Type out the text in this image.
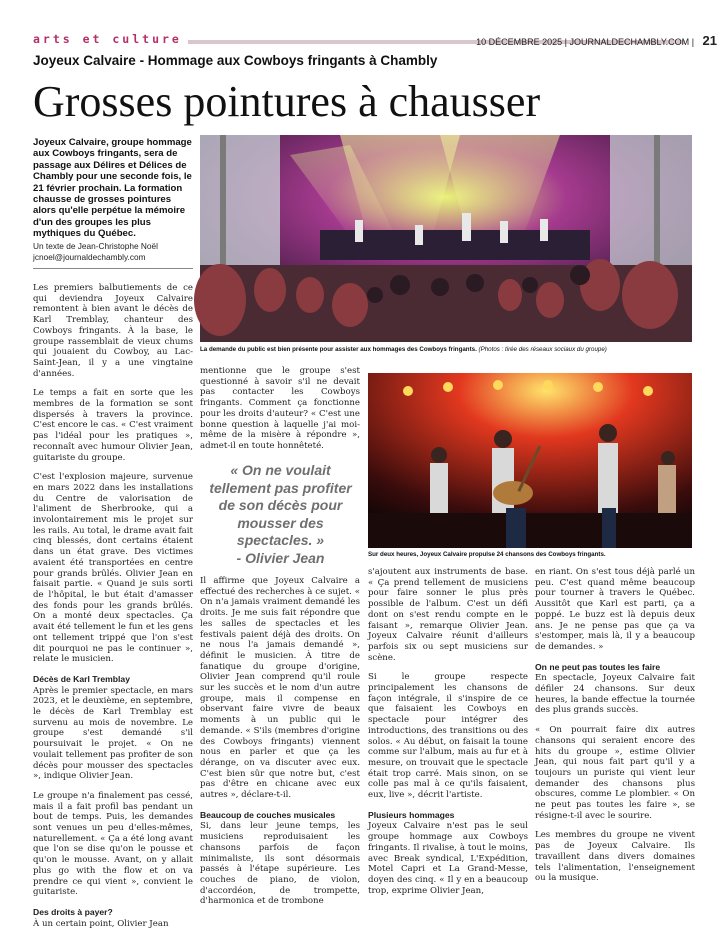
arts et culture	10 DÉCEMBRE 2025 | JOURNALDECHAMBLY.COM | 21
Joyeux Calvaire - Hommage aux Cowboys fringants à Chambly
Grosses pointures à chausser
Joyeux Calvaire, groupe hommage aux Cowboys fringants, sera de passage aux Délires et Délices de Chambly pour une seconde fois, le 21 février prochain. La formation chausse de grosses pointures alors qu'elle perpétue la mémoire d'un des groupes les plus mythiques du Québec.
Un texte de Jean-Christophe Noël
jcnoel@journaldechambly.com
La demande du public est bien présente pour assister aux hommages des Cowboys fringants. (Photos : tirée des réseaux sociaux du groupe)
Sur deux heures, Joyeux Calvaire propulse 24 chansons des Cowboys fringants.
« On ne voulait tellement pas profiter de son décès pour mousser des spectacles. »
- Olivier Jean

Les premiers balbutiements de ce qui deviendra Joyeux Calvaire remontent à bien avant le décès de Karl Tremblay, chanteur des Cowboys fringants. À la base, le groupe rassemblait de vieux chums qui jouaient du Cowboy, au Lac-Saint-Jean, il y a une vingtaine d'années.

Le temps a fait en sorte que les membres de la formation se sont dispersés à travers la province. C'est encore le cas. « C'est vraiment pas l'idéal pour les pratiques », reconnaît avec humour Olivier Jean, guitariste du groupe.

C'est l'explosion majeure, survenue en mars 2022 dans les installations du Centre de valorisation de l'aliment de Sherbrooke, qui a involontairement mis le projet sur les rails. Au total, le drame avait fait cinq blessés, dont certains étaient dans un état grave. Des victimes avaient été transportées en centre pour grands brûlés. Olivier Jean en faisait partie. « Quand je suis sorti de l'hôpital, le but était d'amasser des fonds pour les grands brûlés. On a monté deux spectacles. Ça avait été tellement le fun et les gens ont tellement trippé que l'on s'est dit pourquoi ne pas le continuer », relate le musicien.

Décès de Karl Tremblay

Après le premier spectacle, en mars 2023, et le deuxième, en septembre, le décès de Karl Tremblay est survenu au mois de novembre. Le groupe s'est demandé s'il poursuivait le projet. « On ne voulait tellement pas profiter de son décès pour mousser des spectacles », indique Olivier Jean.

Le groupe n'a finalement pas cessé, mais il a fait profil bas pendant un bout de temps. Puis, les demandes sont venues un peu d'elles-mêmes, naturellement. « Ça a été long avant que l'on se dise qu'on le pousse et qu'on le mousse. Avant, on y allait plus go with the flow et on va prendre ce qui vient », convient le guitariste.

Des droits à payer?

À un certain point, Olivier Jean

mentionne que le groupe s'est questionné à savoir s'il ne devait pas contacter les Cowboys fringants. Comment ça fonctionne pour les droits d'auteur? « C'est une bonne question à laquelle j'ai moi-même de la misère à répondre », admet-il en toute honnêteté.

Il affirme que Joyeux Calvaire a effectué des recherches à ce sujet. « On n'a jamais vraiment demandé les droits. Je me suis fait répondre que les salles de spectacles et les festivals paient déjà des droits. On ne nous l'a jamais demandé », définit le musicien. À titre de fanatique du groupe d'origine, Olivier Jean comprend qu'il roule sur les succès et le nom d'un autre groupe, mais il compense en observant faire vivre de beaux moments à un public qui le demande. « S'ils (membres d'origine des Cowboys fringants) viennent nous en parler et que ça les dérange, on va discuter avec eux. C'est bien sûr que notre but, c'est pas d'être en chicane avec eux autres », déclare-t-il.

Beaucoup de couches musicales

Si, dans leur jeune temps, les musiciens reproduisaient les chansons parfois de façon minimaliste, ils sont désormais passés à l'étape supérieure. Les couches de piano, de violon, d'accordéon, de trompette, d'harmonica et de trombone

s'ajoutent aux instruments de base. « Ça prend tellement de musiciens pour faire sonner le plus près possible de l'album. C'est un défi dont on s'est rendu compte en le faisant », remarque Olivier Jean. Joyeux Calvaire réunit d'ailleurs parfois six ou sept musiciens sur scène.

Si le groupe respecte principalement les chansons de façon intégrale, il s'inspire de ce que faisaient les Cowboys en spectacle pour intégrer des introductions, des transitions ou des solos. « Au début, on faisait la toune comme sur l'album, mais au fur et à mesure, on trouvait que le spectacle était trop carré. Mais sinon, on se colle pas mal à ce qu'ils faisaient, eux, live », décrit l'artiste.

Plusieurs hommages

Joyeux Calvaire n'est pas le seul groupe hommage aux Cowboys fringants. Il rivalise, à tout le moins, avec Break syndical, L'Expédition, Motel Capri et La Grand-Messe, doyen des cinq. « Il y en a beaucoup trop, exprime Olivier Jean,

en riant. On s'est tous déjà parlé un peu. C'est quand même beaucoup pour tourner à travers le Québec. Aussitôt que Karl est parti, ça a poppé. Le buzz est là depuis deux ans. Je ne pense pas que ça va s'estomper, mais là, il y a beaucoup de demandes. »

On ne peut pas toutes les faire

En spectacle, Joyeux Calvaire fait défiler 24 chansons. Sur deux heures, la bande effectue la tournée des plus grands succès.

« On pourrait faire dix autres chansons qui seraient encore des hits du groupe », estime Olivier Jean, qui nous fait part qu'il y a toujours un puriste qui vient leur demander des chansons plus obscures, comme Le plombier. « On ne peut pas toutes les faire », se résigne-t-il avec le sourire.

Les membres du groupe ne vivent pas de Joyeux Calvaire. Ils travaillent dans divers domaines tels l'alimentation, l'enseignement ou la musique.
